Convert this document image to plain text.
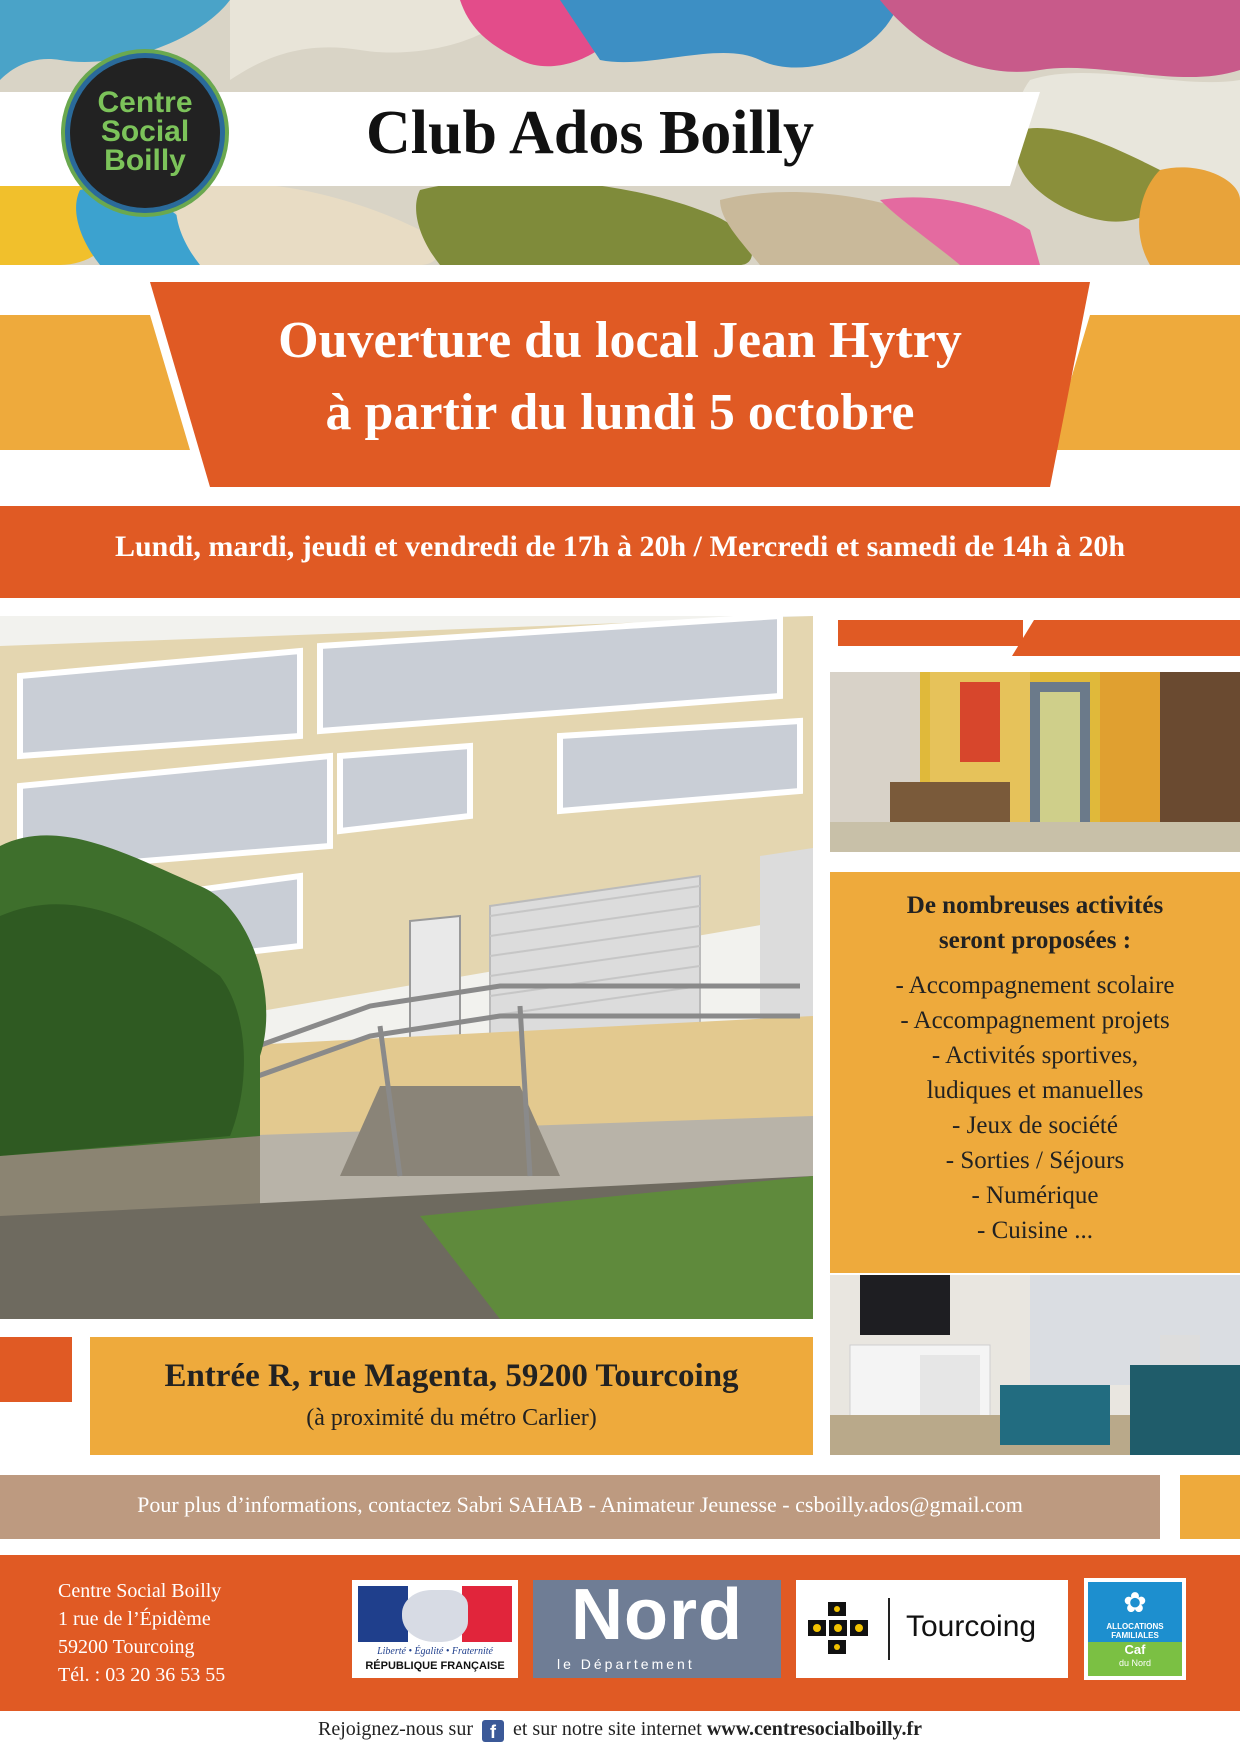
Club Ados Boilly
Centre
Social
Boilly
Ouverture du local Jean Hytry
à partir du lundi 5 octobre
Lundi, mardi, jeudi et vendredi de 17h à 20h / Mercredi et samedi de 14h à 20h
De nombreuses activités
seront proposées :
- Accompagnement scolaire
- Accompagnement projets
- Activités sportives,
ludiques et manuelles
- Jeux de société
- Sorties / Séjours
- Numérique
- Cuisine ...
Entrée R, rue Magenta, 59200 Tourcoing
(à proximité du métro Carlier)
Pour plus d’informations, contactez Sabri SAHAB - Animateur Jeunesse - csboilly.ados@gmail.com
Centre Social Boilly
1 rue de l’Épidème
59200 Tourcoing
Tél. : 03 20 36 53 55
Liberté • Égalité • Fraternité
RÉPUBLIQUE FRANÇAISE
Nord
le Département
Tourcoing
✿
ALLOCATIONS
FAMILIALES
Caf
du Nord
Rejoignez-nous sur f et sur notre site internet www.centresocialboilly.fr
